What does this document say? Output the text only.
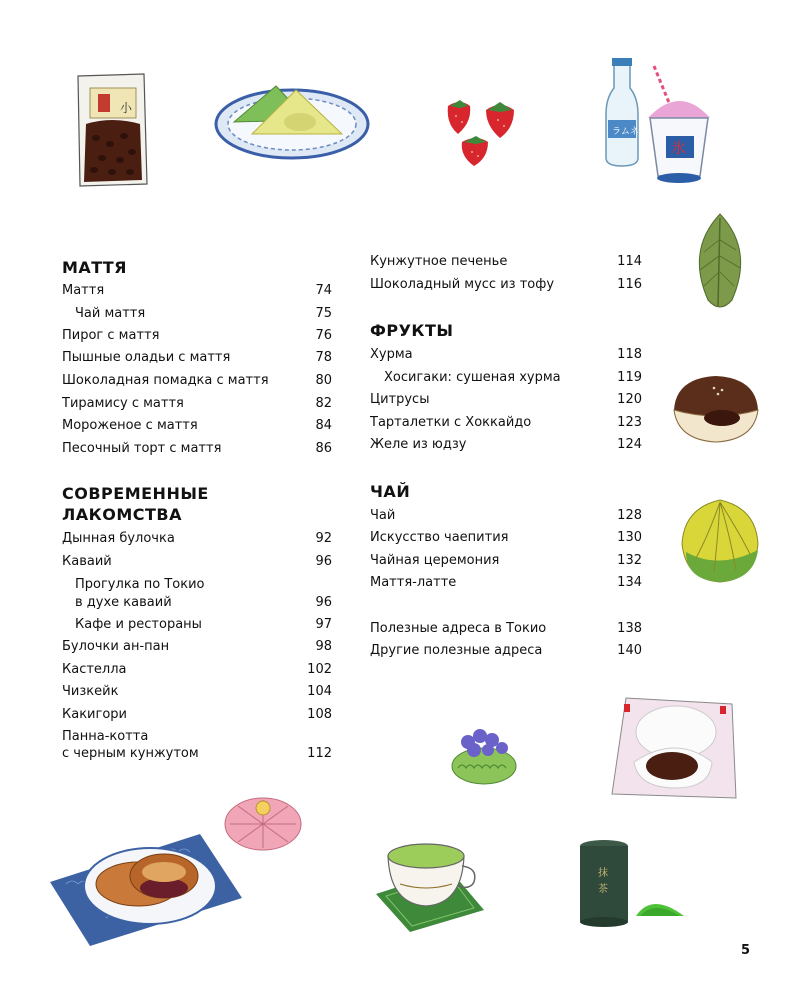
小
ラムネ
氷
抹
茶
МАТТЯ
Маття	74
Чай маття	75
Пирог с маття	76
Пышные оладьи с маття	78
Шоколадная помадка с маття	80
Тирамису с маття	82
Мороженое с маття	84
Песочный торт с маття	86
СОВРЕМЕННЫЕ
ЛАКОМСТВА
Дынная булочка	92
Каваий	96
Прогулка по Токио
в духе каваий	96
Кафе и рестораны	97
Булочки ан-пан	98
Кастелла	102
Чизкейк	104
Какигори	108
Панна-котта
с черным кунжутом	112
Кунжутное печенье	114
Шоколадный мусс из тофу	116
ФРУКТЫ
Хурма	118
Хосигаки: сушеная хурма	119
Цитрусы	120
Тарталетки с Хоккайдо	123
Желе из юдзу	124
ЧАЙ
Чай	128
Искусство чаепития	130
Чайная церемония	132
Маття-латте	134
Полезные адреса в Токио	138
Другие полезные адреса	140
5
